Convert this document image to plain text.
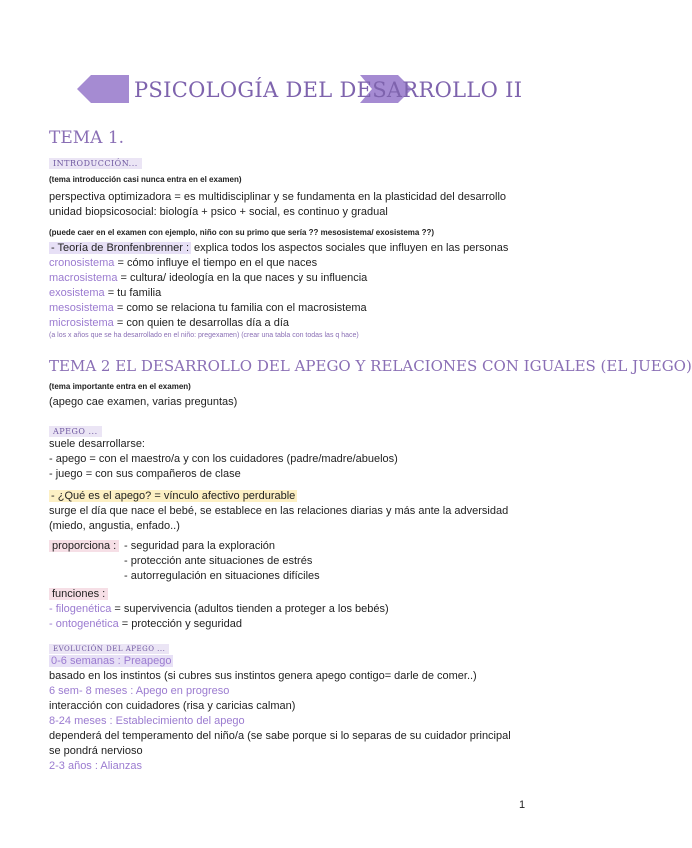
PSICOLOGÍA DEL DESARROLLO II
TEMA 1.
INTRODUCCIÓN...
(tema introducción casi nunca entra en el examen)
perspectiva optimizadora = es multidisciplinar y se fundamenta en la plasticidad del desarrollo
unidad biopsicosocial: biología + psico + social, es continuo y gradual
(puede caer en el examen con ejemplo, niño con su primo que sería ?? mesosistema/ exosistema ??)
- Teoría de Bronfenbrenner : explica todos los aspectos sociales que influyen en las personas
cronosistema = cómo influye el tiempo en el que naces
macrosistema = cultura/ ideología en la que naces y su influencia
exosistema = tu familia
mesosistema = como se relaciona tu familia con el macrosistema
microsistema = con quien te desarrollas día a día
(a los x años que se ha desarrollado en el niño: pregexamen) (crear una tabla con todas las q hace)
TEMA 2 EL DESARROLLO DEL APEGO Y RELACIONES CON IGUALES (EL JUEGO)
(tema importante entra en el examen)
(apego cae examen, varias preguntas)
APEGO ...
suele desarrollarse:
- apego = con el maestro/a y con los cuidadores (padre/madre/abuelos)
- juego = con sus compañeros de clase
- ¿Qué es el apego? = vínculo afectivo perdurable
surge el día que nace el bebé, se establece en las relaciones diarias y más ante la adversidad
(miedo, angustia, enfado..)
proporciona : - seguridad para la exploración
- protección ante situaciones de estrés
- autorregulación en situaciones difíciles
funciones :
- filogenética = supervivencia (adultos tienden a proteger a los bebés)
- ontogenética = protección y seguridad
EVOLUCIÓN DEL APEGO ...
0-6 semanas : Preapego
basado en los instintos (si cubres sus instintos genera apego contigo= darle de comer..)
6 sem- 8 meses : Apego en progreso
interacción con cuidadores (risa y caricias calman)
8-24 meses : Establecimiento del apego
dependerá del temperamento del niño/a (se sabe porque si lo separas de su cuidador principal
se pondrá nervioso
2-3 años : Alianzas
1
